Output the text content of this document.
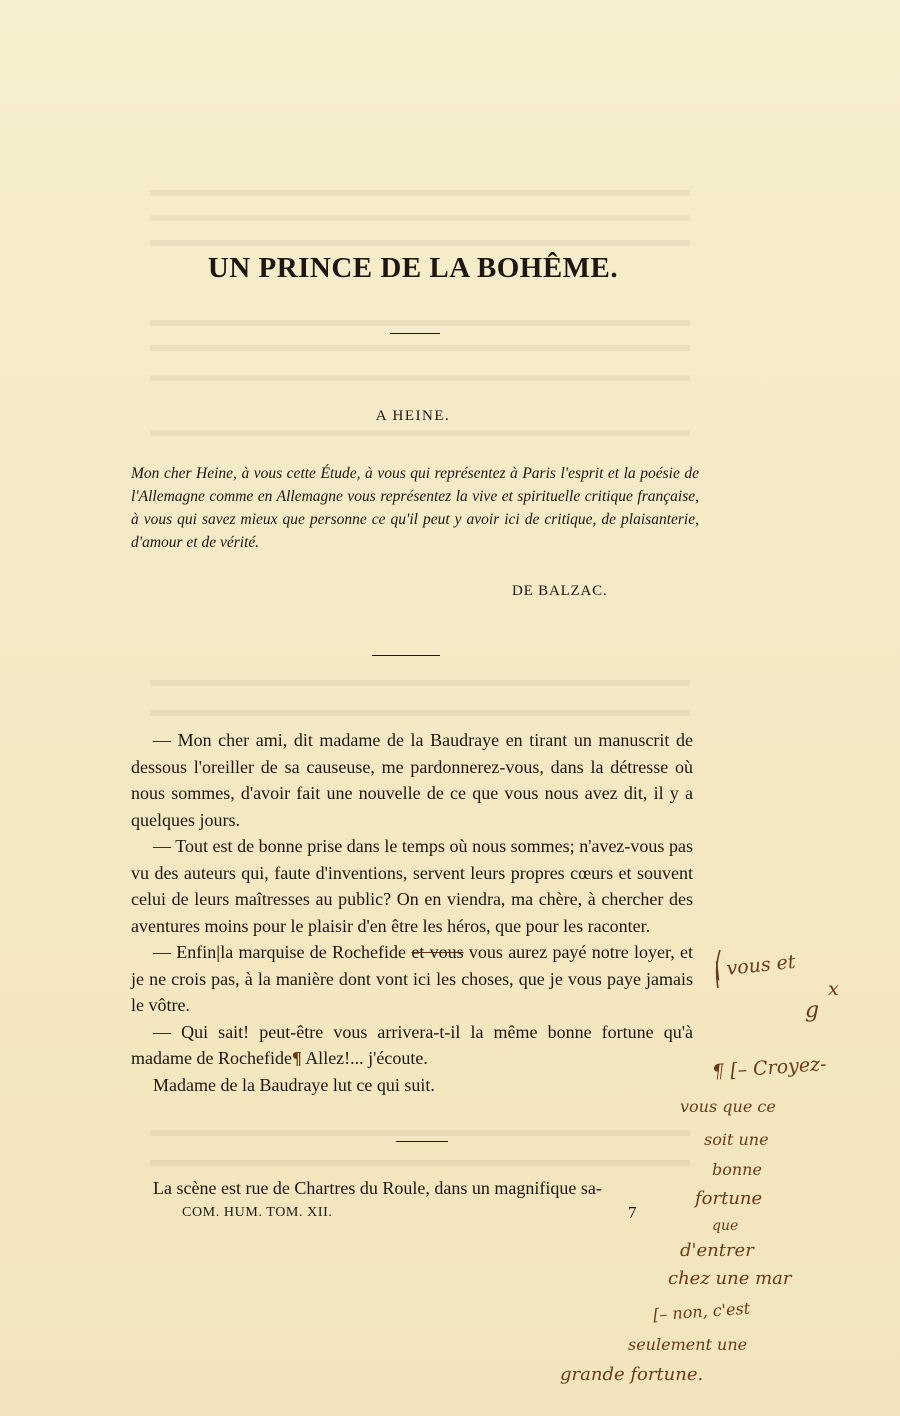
UN PRINCE DE LA BOHÊME.
A HEINE.
Mon cher Heine, à vous cette Étude, à vous qui représentez à Paris l'esprit et la poésie de l'Allemagne comme en Allemagne vous représentez la vive et spirituelle critique française, à vous qui savez mieux que personne ce qu'il peut y avoir ici de critique, de plaisanterie, d'amour et de vérité.
DE BALZAC.

— Mon cher ami, dit madame de la Baudraye en tirant un manuscrit de dessous l'oreiller de sa causeuse, me pardonnerez-vous, dans la détresse où nous sommes, d'avoir fait une nouvelle de ce que vous nous avez dit, il y a quelques jours.

— Tout est de bonne prise dans le temps où nous sommes; n'avez-vous pas vu des auteurs qui, faute d'inventions, servent leurs propres cœurs et souvent celui de leurs maîtresses au public? On en viendra, ma chère, à chercher des aventures moins pour le plaisir d'en être les héros, que pour les raconter.

— Enfin|la marquise de Rochefide et vous vous aurez payé notre loyer, et je ne crois pas, à la manière dont vont ici les choses, que je vous paye jamais le vôtre.

— Qui sait! peut-être vous arrivera-t-il la même bonne fortune qu'à madame de Rochefide¶ Allez!... j'écoute.

Madame de la Baudraye lut ce qui suit.

La scène est rue de Chartres du Roule, dans un magnifique sa-
COM. HUM. TOM. XII.	7
| vous et
x
g
¶ [– Croyez-
vous que ce
soit une
bonne
fortune
que
d'entrer
chez une mar
[– non, c'est
seulement une
grande fortune.
